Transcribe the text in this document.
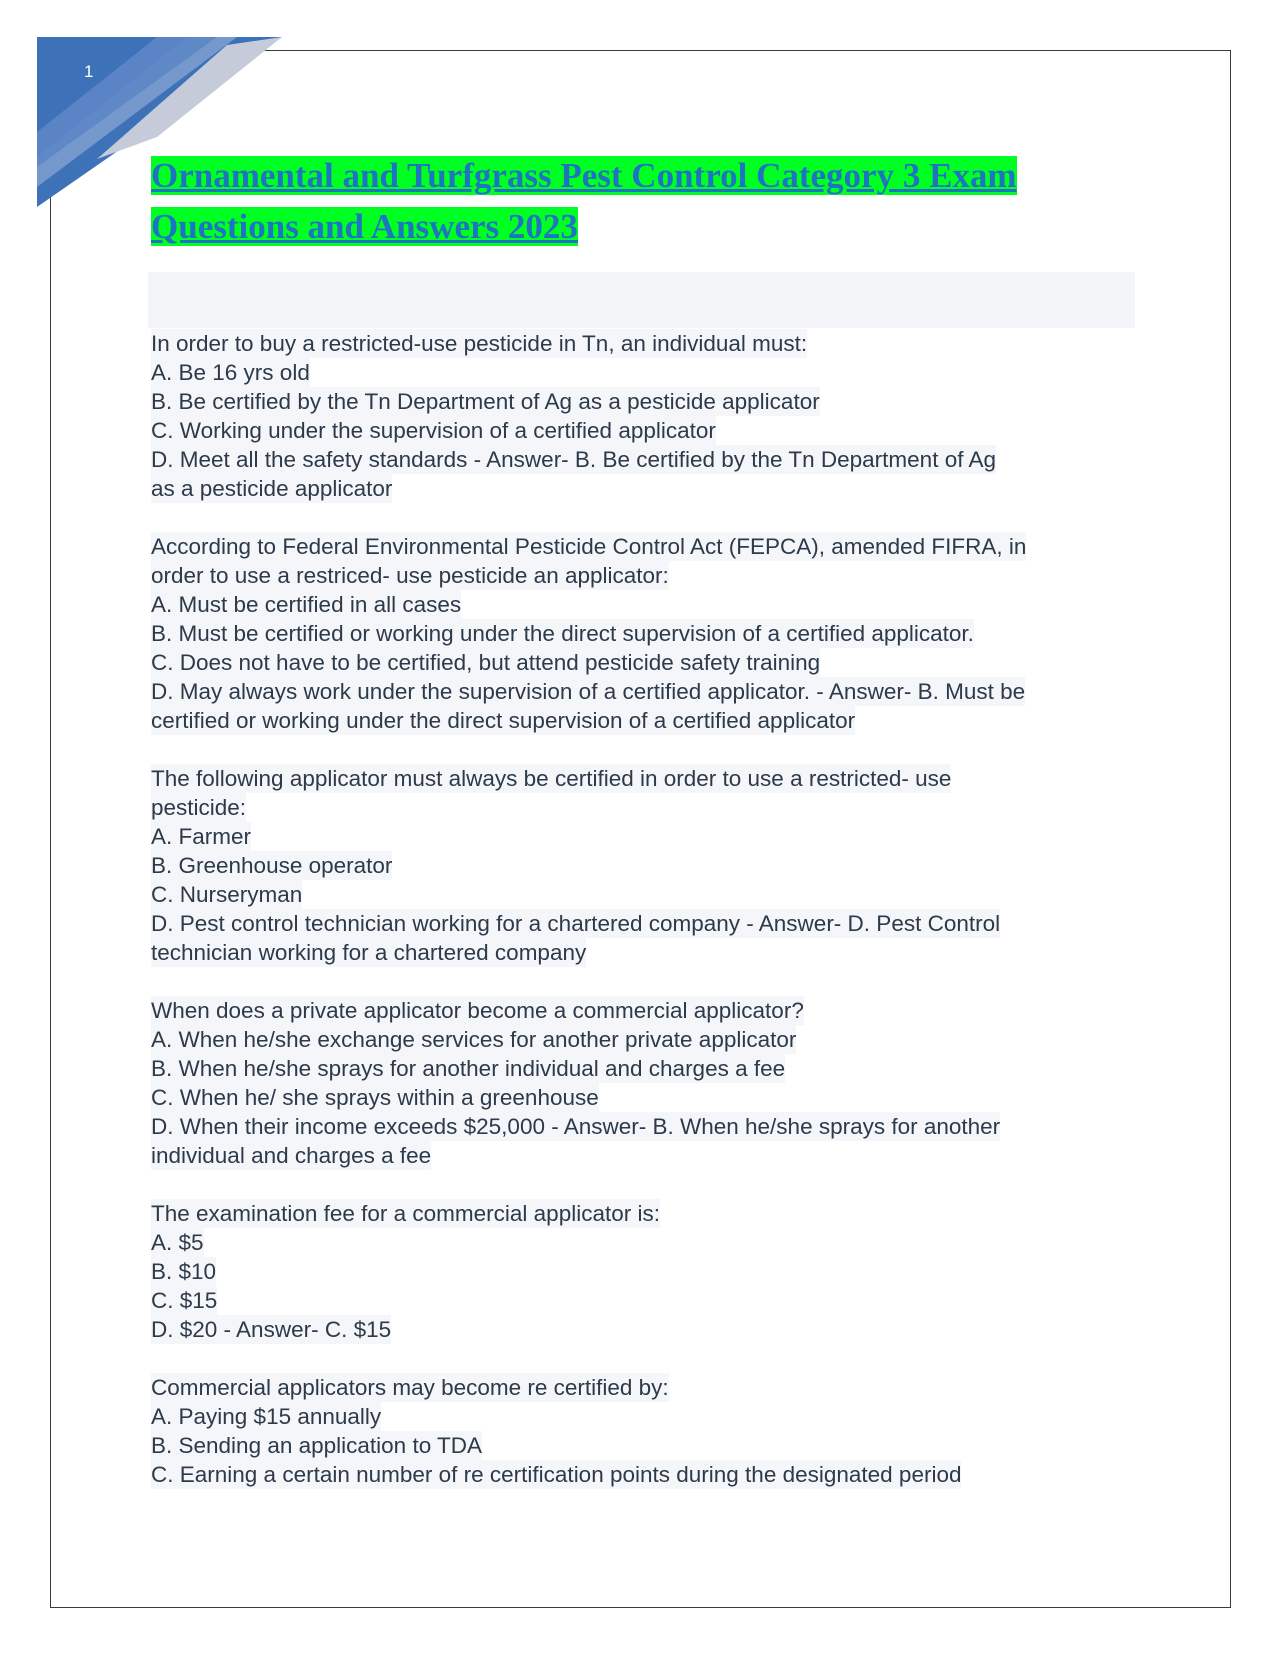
1
Ornamental and Turfgrass Pest Control Category 3 Exam
Questions and Answers 2023
In order to buy a restricted-use pesticide in Tn, an individual must:
A. Be 16 yrs old
B. Be certified by the Tn Department of Ag as a pesticide applicator
C. Working under the supervision of a certified applicator
D. Meet all the safety standards - Answer- B. Be certified by the Tn Department of Ag
as a pesticide applicator
According to Federal Environmental Pesticide Control Act (FEPCA), amended FIFRA, in
order to use a restriced- use pesticide an applicator:
A. Must be certified in all cases
B. Must be certified or working under the direct supervision of a certified applicator.
C. Does not have to be certified, but attend pesticide safety training
D. May always work under the supervision of a certified applicator. - Answer- B. Must be
certified or working under the direct supervision of a certified applicator
The following applicator must always be certified in order to use a restricted- use
pesticide:
A. Farmer
B. Greenhouse operator
C. Nurseryman
D. Pest control technician working for a chartered company - Answer- D. Pest Control
technician working for a chartered company
When does a private applicator become a commercial applicator?
A. When he/she exchange services for another private applicator
B. When he/she sprays for another individual and charges a fee
C. When he/ she sprays within a greenhouse
D. When their income exceeds $25,000 - Answer- B. When he/she sprays for another
individual and charges a fee
The examination fee for a commercial applicator is:
A. $5
B. $10
C. $15
D. $20 - Answer- C. $15
Commercial applicators may become re certified by:
A. Paying $15 annually
B. Sending an application to TDA
C. Earning a certain number of re certification points during the designated period
